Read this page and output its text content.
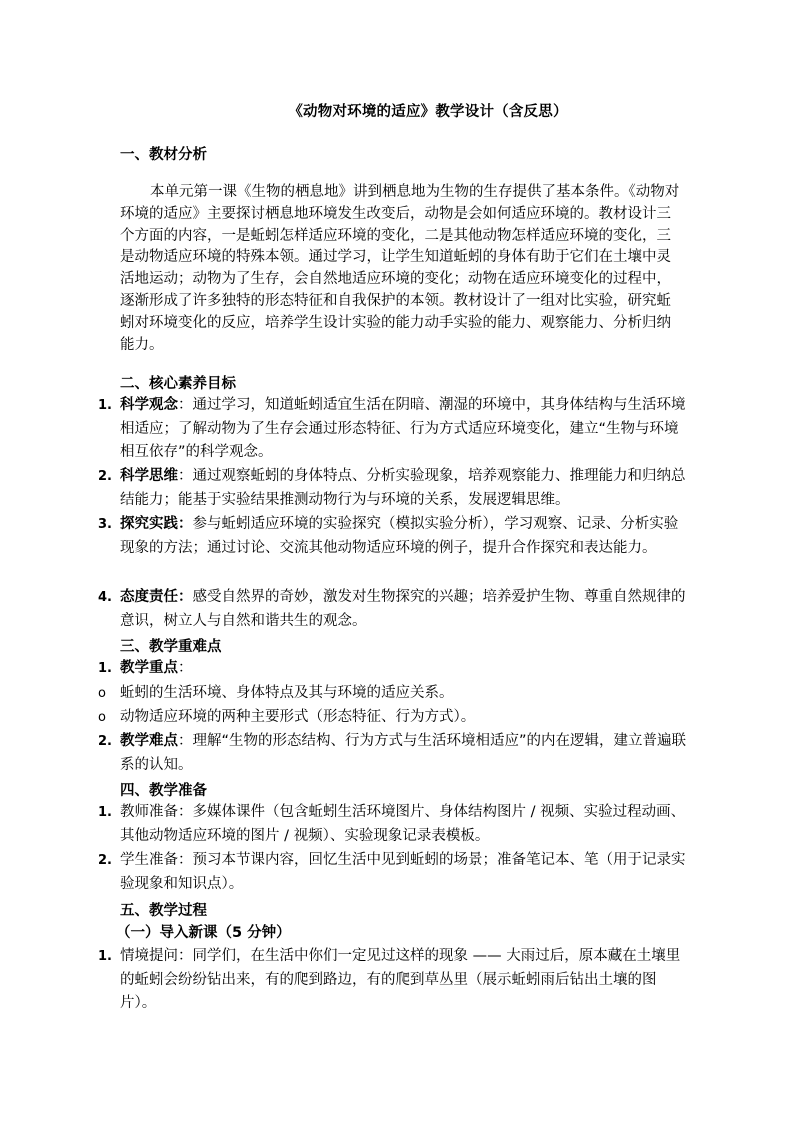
《动物对环境的适应》教学设计（含反思）
一、教材分析
本单元第一课《生物的栖息地》讲到栖息地为生物的生存提供了基本条件。《动物对环境的适应》主要探讨栖息地环境发生改变后，动物是会如何适应环境的。教材设计三个方面的内容，一是蚯蚓怎样适应环境的变化，二是其他动物怎样适应环境的变化，三是动物适应环境的特殊本领。通过学习，让学生知道蚯蚓的身体有助于它们在土壤中灵活地运动；动物为了生存，会自然地适应环境的变化；动物在适应环境变化的过程中，逐渐形成了许多独特的形态特征和自我保护的本领。教材设计了一组对比实验，研究蚯蚓对环境变化的反应，培养学生设计实验的能力动手实验的能力、观察能力、分析归纳能力。
二、核心素养目标
1. 科学观念：通过学习，知道蚯蚓适宜生活在阴暗、潮湿的环境中，其身体结构与生活环境相适应；了解动物为了生存会通过形态特征、行为方式适应环境变化，建立“生物与环境相互依存”的科学观念。
2. 科学思维：通过观察蚯蚓的身体特点、分析实验现象，培养观察能力、推理能力和归纳总结能力；能基于实验结果推测动物行为与环境的关系，发展逻辑思维。
3. 探究实践：参与蚯蚓适应环境的实验探究（模拟实验分析），学习观察、记录、分析实验现象的方法；通过讨论、交流其他动物适应环境的例子，提升合作探究和表达能力。
4. 态度责任：感受自然界的奇妙，激发对生物探究的兴趣；培养爱护生物、尊重自然规律的意识，树立人与自然和谐共生的观念。
三、教学重难点
1. 教学重点：
o 蚯蚓的生活环境、身体特点及其与环境的适应关系。
o 动物适应环境的两种主要形式（形态特征、行为方式）。
2. 教学难点：理解“生物的形态结构、行为方式与生活环境相适应”的内在逻辑，建立普遍联系的认知。
四、教学准备
1. 教师准备：多媒体课件（包含蚯蚓生活环境图片、身体结构图片 / 视频、实验过程动画、其他动物适应环境的图片 / 视频）、实验现象记录表模板。
2. 学生准备：预习本节课内容，回忆生活中见到蚯蚓的场景；准备笔记本、笔（用于记录实验现象和知识点）。
五、教学过程
（一）导入新课（5 分钟）
1. 情境提问：同学们，在生活中你们一定见过这样的现象 —— 大雨过后，原本藏在土壤里的蚯蚓会纷纷钻出来，有的爬到路边，有的爬到草丛里（展示蚯蚓雨后钻出土壤的图片）。
